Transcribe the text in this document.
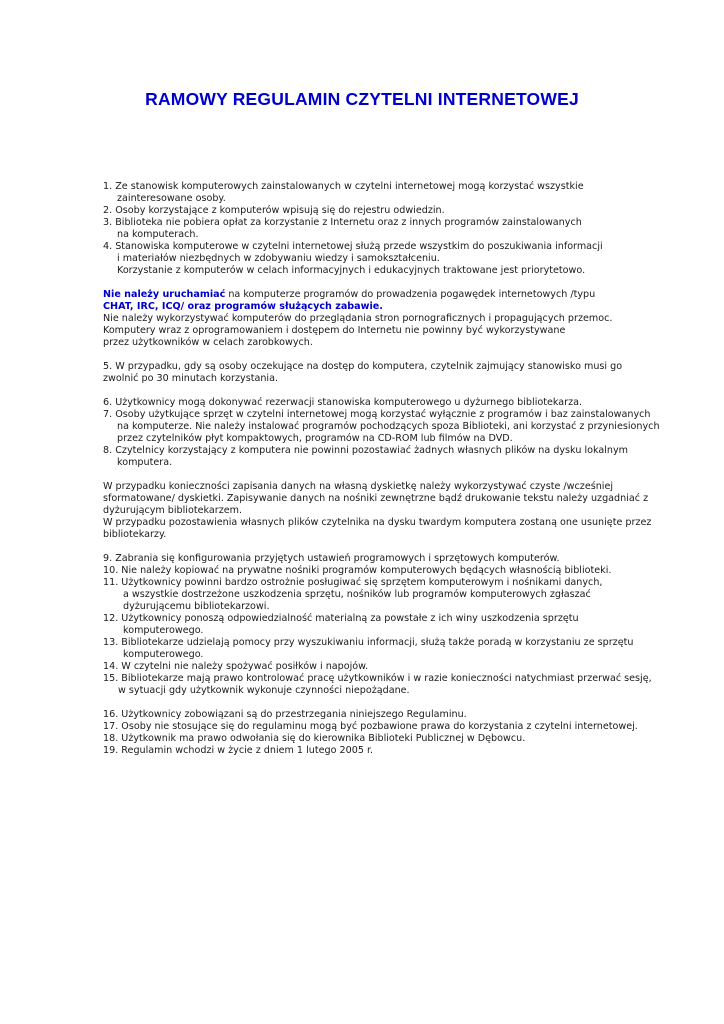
RAMOWY REGULAMIN CZYTELNI INTERNETOWEJ
1. Ze stanowisk komputerowych zainstalowanych w czytelni internetowej mogą korzystać wszystkie
zainteresowane osoby.
2. Osoby korzystające z komputerów wpisują się do rejestru odwiedzin.
3. Biblioteka nie pobiera opłat za korzystanie z Internetu oraz z innych programów zainstalowanych
na komputerach.
4. Stanowiska komputerowe w czytelni internetowej służą przede wszystkim do poszukiwania informacji
i materiałów niezbędnych w zdobywaniu wiedzy i samokształceniu.
Korzystanie z komputerów w celach informacyjnych i edukacyjnych traktowane jest priorytetowo.
Nie należy uruchamiać na komputerze programów do prowadzenia pogawędek internetowych /typu
CHAT, IRC, ICQ/ oraz programów służących zabawie.
Nie należy wykorzystywać komputerów do przeglądania stron pornograficznych i propagujących przemoc.
Komputery wraz z oprogramowaniem i dostępem do Internetu nie powinny być wykorzystywane
przez użytkowników w celach zarobkowych.
5. W przypadku, gdy są osoby oczekujące na dostęp do komputera, czytelnik zajmujący stanowisko musi go
zwolnić po 30 minutach korzystania.
6. Użytkownicy mogą dokonywać rezerwacji stanowiska komputerowego u dyżurnego bibliotekarza.
7. Osoby użytkujące sprzęt w czytelni internetowej mogą korzystać wyłącznie z programów i baz zainstalowanych
na komputerze. Nie należy instalować programów pochodzących spoza Biblioteki, ani korzystać z przyniesionych
przez czytelników płyt kompaktowych, programów na CD-ROM lub filmów na DVD.
8. Czytelnicy korzystający z komputera nie powinni pozostawiać żadnych własnych plików na dysku lokalnym
komputera.
W przypadku konieczności zapisania danych na własną dyskietkę należy wykorzystywać czyste /wcześniej
sformatowane/ dyskietki. Zapisywanie danych na nośniki zewnętrzne bądź drukowanie tekstu należy uzgadniać z
dyżurującym bibliotekarzem.
W przypadku pozostawienia własnych plików czytelnika na dysku twardym komputera zostaną one usunięte przez
bibliotekarzy.
9. Zabrania się konfigurowania przyjętych ustawień programowych i sprzętowych komputerów.
10. Nie należy kopiować na prywatne nośniki programów komputerowych będących własnością biblioteki.
11. Użytkownicy powinni bardzo ostrożnie posługiwać się sprzętem komputerowym i nośnikami danych,
a wszystkie dostrzeżone uszkodzenia sprzętu, nośników lub programów komputerowych zgłaszać
dyżurującemu bibliotekarzowi.
12. Użytkownicy ponoszą odpowiedzialność materialną za powstałe z ich winy uszkodzenia sprzętu
komputerowego.
13. Bibliotekarze udzielają pomocy przy wyszukiwaniu informacji, służą także poradą w korzystaniu ze sprzętu
komputerowego.
14. W czytelni nie należy spożywać posiłków i napojów.
15. Bibliotekarze mają prawo kontrolować pracę użytkowników i w razie konieczności natychmiast przerwać sesję,
w sytuacji gdy użytkownik wykonuje czynności niepożądane.
16. Użytkownicy zobowiązani są do przestrzegania niniejszego Regulaminu.
17. Osoby nie stosujące się do regulaminu mogą być pozbawione prawa do korzystania z czytelni internetowej.
18. Użytkownik ma prawo odwołania się do kierownika Biblioteki Publicznej w Dębowcu.
19. Regulamin wchodzi w życie z dniem 1 lutego 2005 r.
